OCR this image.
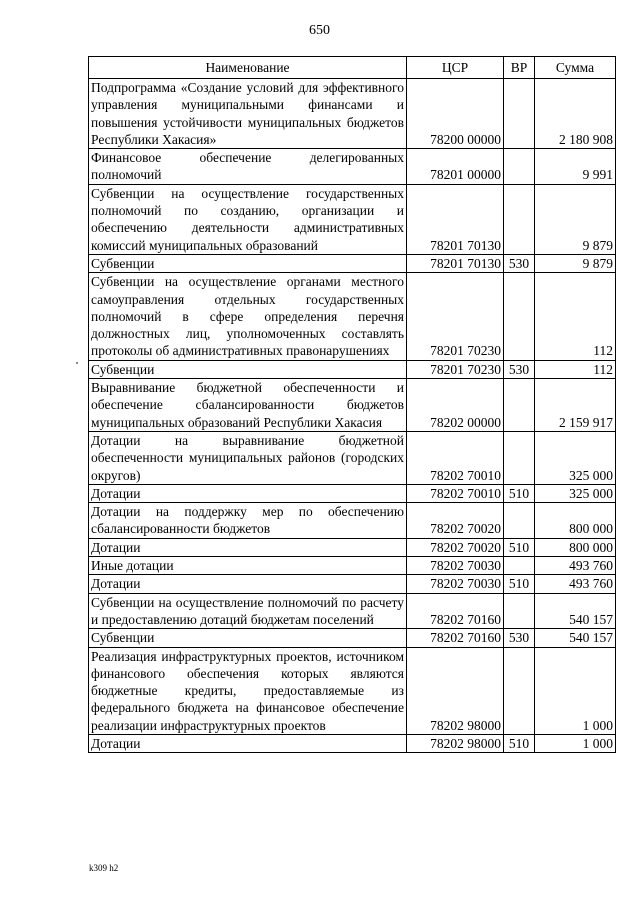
650
Наименование	ЦСР	ВР	Сумма
Подпрограмма «Создание условий для эффективного управления муниципальными финансами и повышения устойчивости муниципальных бюджетов Республики Хакасия»	78200 00000		2 180 908
Финансовое обеспечение делегированных полномочий	78201 00000		9 991
Субвенции на осуществление государственных полномочий по созданию, организации и обеспечению деятельности административных комиссий муниципальных образований	78201 70130		9 879
Субвенции	78201 70130	530	9 879
Субвенции на осуществление органами местного самоуправления отдельных государственных полномочий в сфере определения перечня должностных лиц, уполномоченных составлять протоколы об административных правонарушениях	78201 70230		112
Субвенции	78201 70230	530	112
Выравнивание бюджетной обеспеченности и обеспечение сбалансированности бюджетов муниципальных образований Республики Хакасия	78202 00000		2 159 917
Дотации на выравнивание бюджетной обеспеченности муниципальных районов (городских округов)	78202 70010		325 000
Дотации	78202 70010	510	325 000
Дотации на поддержку мер по обеспечению сбалансированности бюджетов	78202 70020		800 000
Дотации	78202 70020	510	800 000
Иные дотации	78202 70030		493 760
Дотации	78202 70030	510	493 760
Субвенции на осуществление полномочий по расчету и предоставлению дотаций бюджетам поселений	78202 70160		540 157
Субвенции	78202 70160	530	540 157
Реализация инфраструктурных проектов, источником финансового обеспечения которых являются бюджетные кредиты, предоставляемые из федерального бюджета на финансовое обеспечение реализации инфраструктурных проектов	78202 98000		1 000
Дотации	78202 98000	510	1 000
k309 h2
